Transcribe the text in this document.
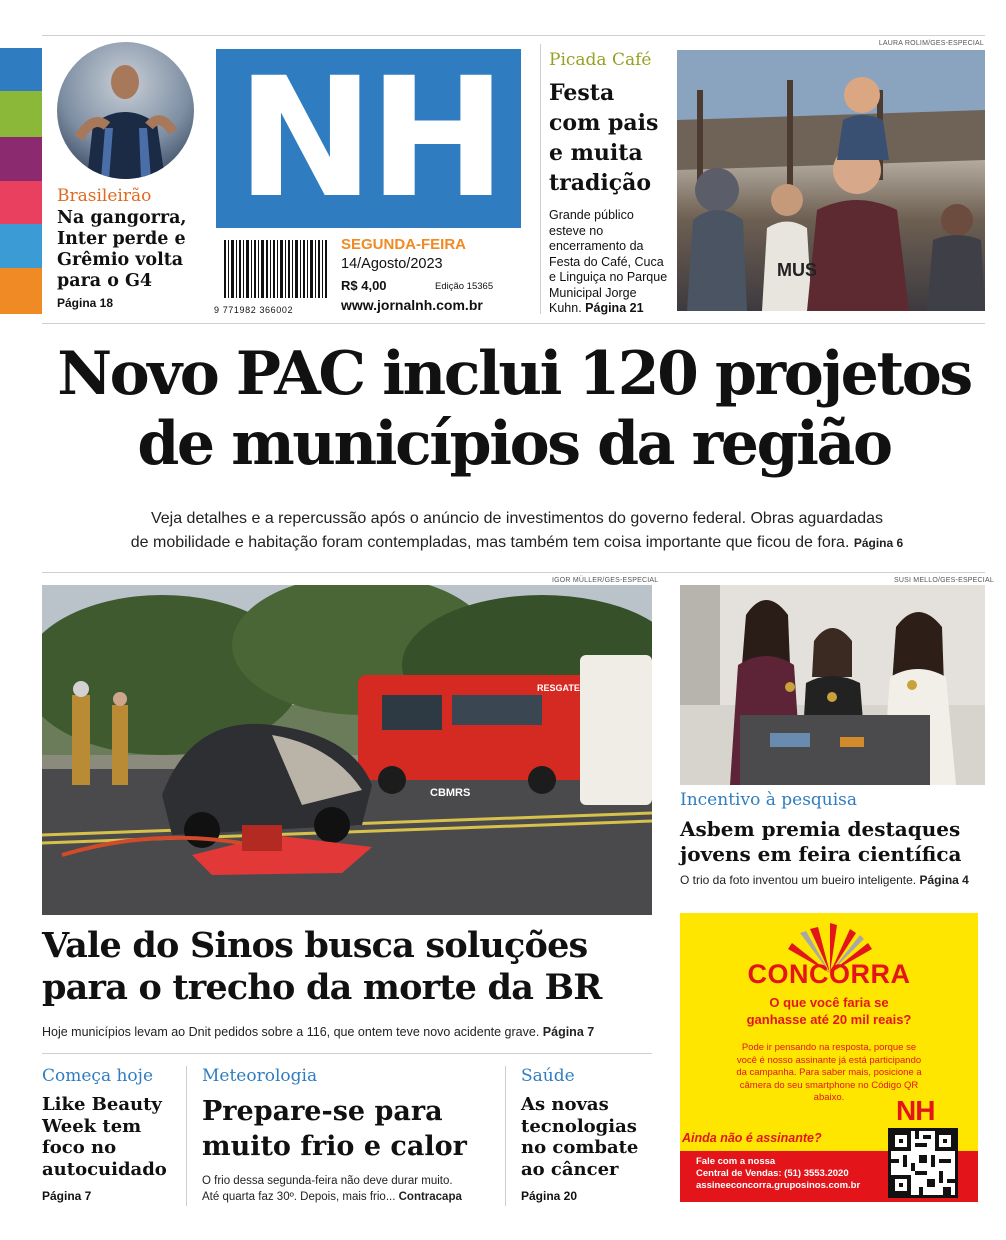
Brasileirão
Na gangorra,
Inter perde e
Grêmio volta
para o G4
Página 18
NH
9 771982 366002
SEGUNDA-FEIRA
14/Agosto/2023
R$ 4,00	Edição 15365
www.jornalnh.com.br
Picada Café
Festa
com pais
e muita
tradição
Grande público
esteve no
encerramento da
Festa do Café, Cuca
e Linguiça no Parque
Municipal Jorge
Kuhn. Página 21
LAURA ROLIM/GES-ESPECIAL
MUS
Novo PAC inclui 120 projetos
de municípios da região
Veja detalhes e a repercussão após o anúncio de investimentos do governo federal. Obras aguardadas
de mobilidade e habitação foram contempladas, mas também tem coisa importante que ficou de fora. Página 6
IGOR MÜLLER/GES-ESPECIAL
CBMRS
RESGATE
Vale do Sinos busca soluções
para o trecho da morte da BR
Hoje municípios levam ao Dnit pedidos sobre a 116, que ontem teve novo acidente grave. Página 7
SUSI MELLO/GES-ESPECIAL
Incentivo à pesquisa
Asbem premia destaques
jovens em feira científica
O trio da foto inventou um bueiro inteligente. Página 4
Começa hoje
Like Beauty
Week tem
foco no
autocuidado
Página 7
Meteorologia
Prepare-se para
muito frio e calor
O frio dessa segunda-feira não deve durar muito.
Até quarta faz 30º. Depois, mais frio... Contracapa
Saúde
As novas
tecnologias
no combate
ao câncer
Página 20
CONCORRA
O que você faria se
ganhasse até 20 mil reais?
Pode ir pensando na resposta, porque se
você é nosso assinante já está participando
da campanha. Para saber mais, posicione a
câmera do seu smartphone no Código QR
abaixo.	NH
Ainda não é assinante?
Fale com a nossa
Central de Vendas: (51) 3553.2020
assineeconcorra.gruposinos.com.br
